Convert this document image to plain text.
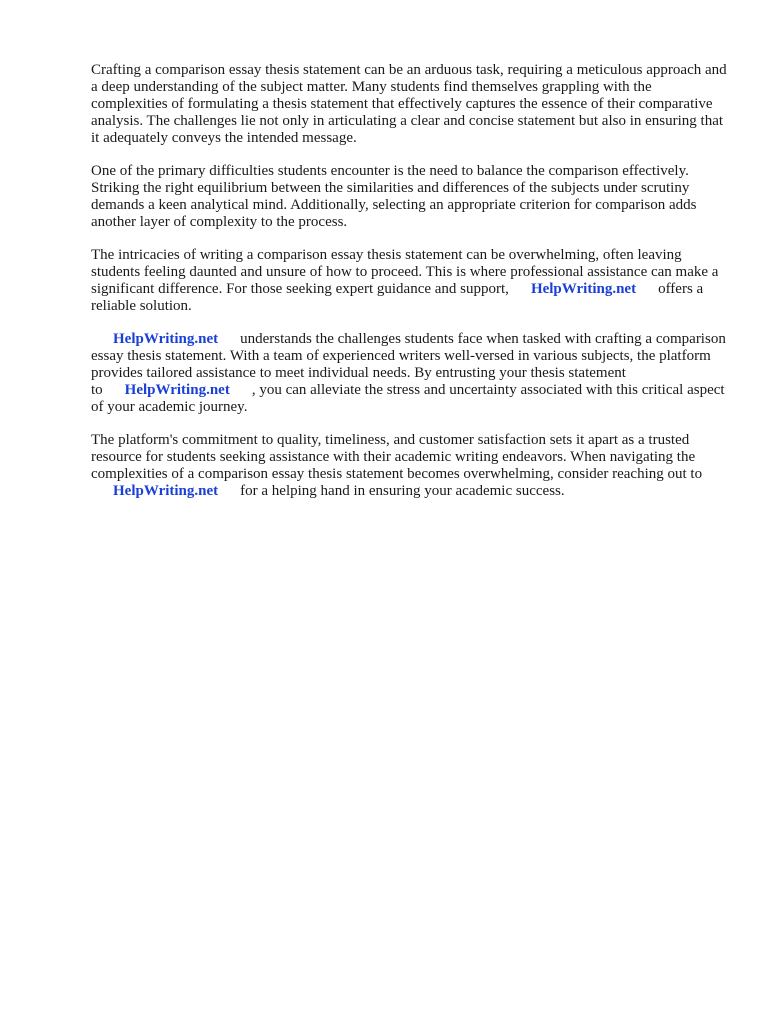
Crafting a comparison essay thesis statement can be an arduous task, requiring a meticulous approach and a deep understanding of the subject matter. Many students find themselves grappling with the complexities of formulating a thesis statement that effectively captures the essence of their comparative analysis. The challenges lie not only in articulating a clear and concise statement but also in ensuring that it adequately conveys the intended message.

One of the primary difficulties students encounter is the need to balance the comparison effectively. Striking the right equilibrium between the similarities and differences of the subjects under scrutiny demands a keen analytical mind. Additionally, selecting an appropriate criterion for comparison adds another layer of complexity to the process.

The intricacies of writing a comparison essay thesis statement can be overwhelming, often leaving students feeling daunted and unsure of how to proceed. This is where professional assistance can make a significant difference. For those seeking expert guidance and support, HelpWriting.net offers a reliable solution.

HelpWriting.net understands the challenges students face when tasked with crafting a comparison essay thesis statement. With a team of experienced writers well-versed in various subjects, the platform provides tailored assistance to meet individual needs. By entrusting your thesis statement to HelpWriting.net , you can alleviate the stress and uncertainty associated with this critical aspect of your academic journey.

The platform's commitment to quality, timeliness, and customer satisfaction sets it apart as a trusted resource for students seeking assistance with their academic writing endeavors. When navigating the complexities of a comparison essay thesis statement becomes overwhelming, consider reaching out to HelpWriting.net for a helping hand in ensuring your academic success.
